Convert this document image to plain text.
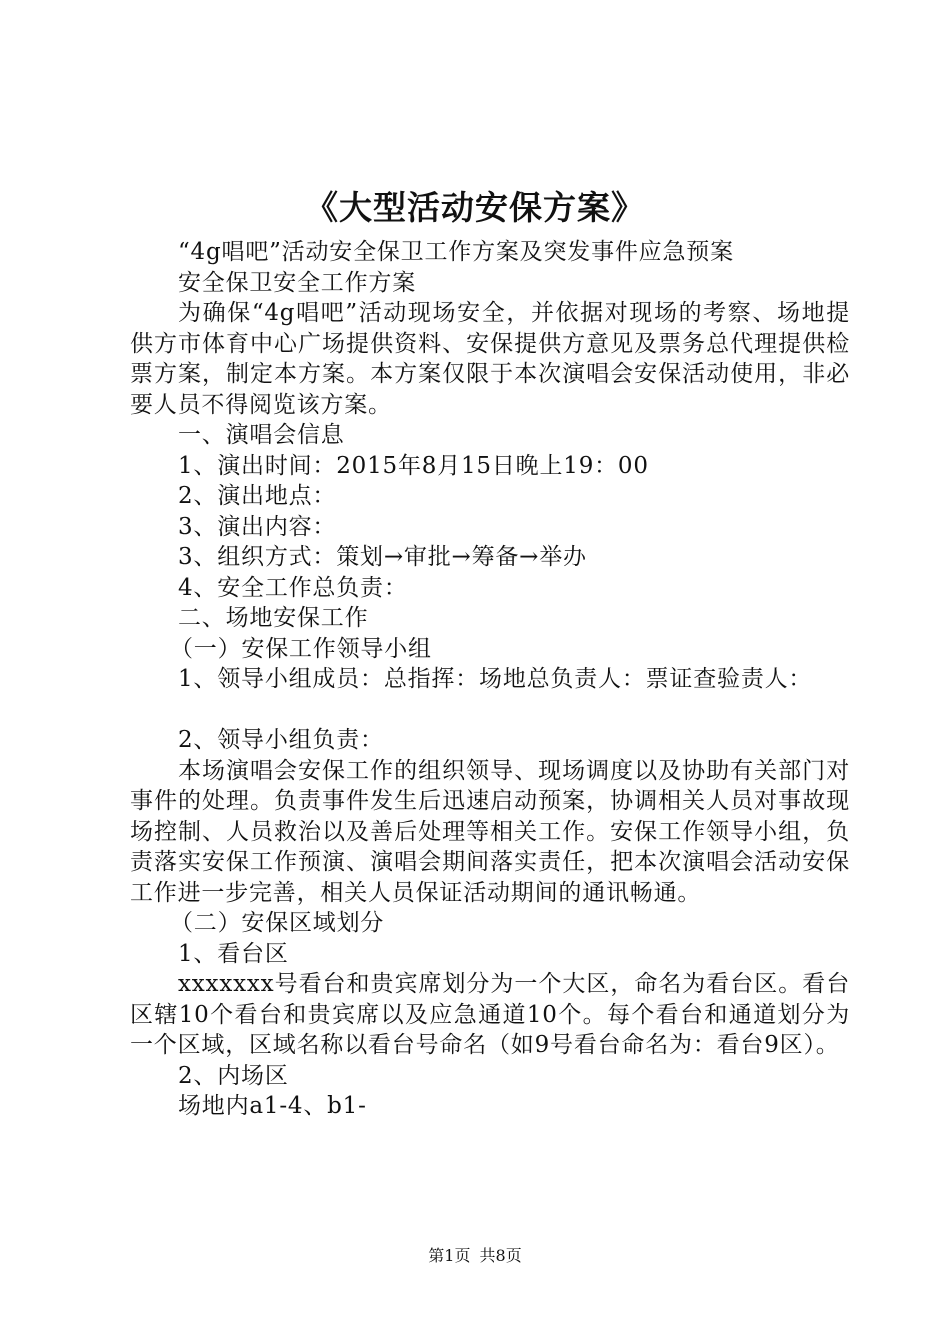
《大型活动安保方案》
“4g唱吧”活动安全保卫工作方案及突发事件应急预案
安全保卫安全工作方案
为确保“4g唱吧”活动现场安全，并依据对现场的考察、场地提供方市体育中心广场提供资料、安保提供方意见及票务总代理提供检票方案，制定本方案。本方案仅限于本次演唱会安保活动使用，非必要人员不得阅览该方案。
一、演唱会信息
1、演出时间：2015年8月15日晚上19：00
2、演出地点：
3、演出内容：
3、组织方式：策划→审批→筹备→举办
4、安全工作总负责：
二、场地安保工作
（一）安保工作领导小组
1、领导小组成员：总指挥：场地总负责人：票证查验责人：
2、领导小组负责：
本场演唱会安保工作的组织领导、现场调度以及协助有关部门对事件的处理。负责事件发生后迅速启动预案，协调相关人员对事故现场控制、人员救治以及善后处理等相关工作。安保工作领导小组，负责落实安保工作预演、演唱会期间落实责任，把本次演唱会活动安保工作进一步完善，相关人员保证活动期间的通讯畅通。
（二）安保区域划分
1、看台区
xxxxxxx号看台和贵宾席划分为一个大区，命名为看台区。看台区辖10个看台和贵宾席以及应急通道10个。每个看台和通道划分为一个区域，区域名称以看台号命名（如9号看台命名为：看台9区）。
2、内场区
场地内a1-4、b1-
第1页 共8页
